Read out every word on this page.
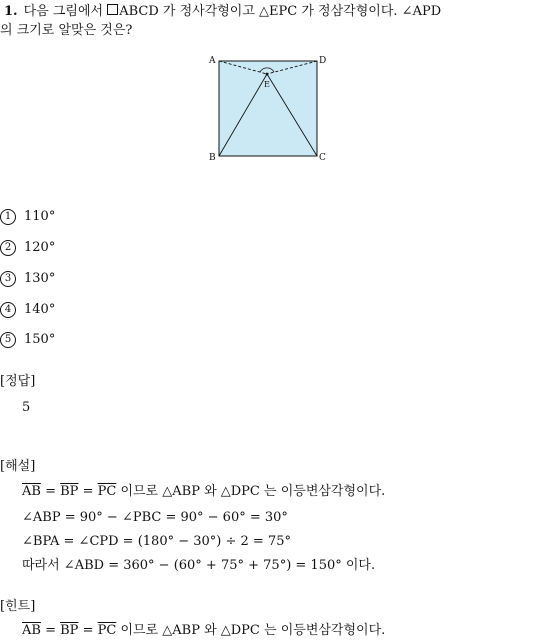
1. 다음 그림에서 ABCD 가 정사각형이고 △EPC 가 정삼각형이다. ∠APD
의 크기로 알맞은 것은?
A	D
B	C
E
1 110°
2 120°
3 130°
4 140°
5 150°
[정답]
5
[해설]
$\overline{AB} = \overline{BP} = \overline{PC}$ 이므로 △ABP 와 △DPC 는 이등변삼각형이다.
∠ABP = 90° − ∠PBC = 90° − 60° = 30°
∠BPA = ∠CPD = (180° − 30°) ÷ 2 = 75°
따라서 ∠ABD = 360° − (60° + 75° + 75°) = 150° 이다.
[힌트]
$\overline{AB} = \overline{BP} = \overline{PC}$ 이므로 △ABP 와 △DPC 는 이등변삼각형이다.
